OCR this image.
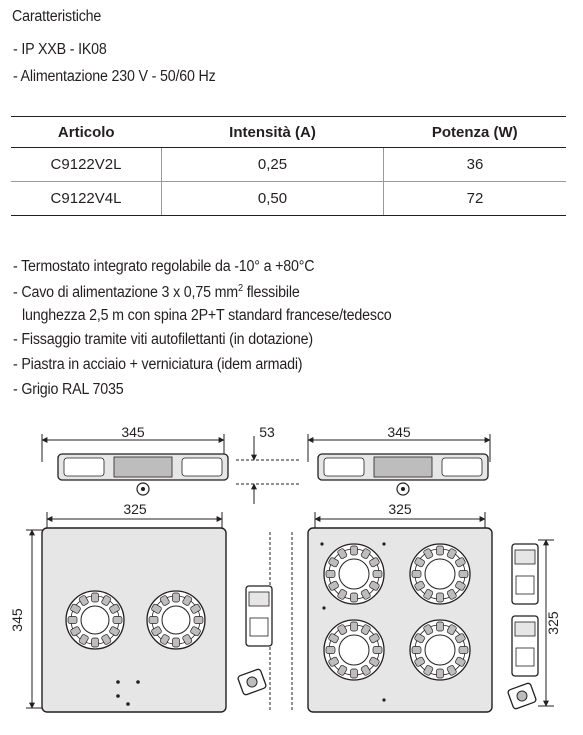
Caratteristiche
- IP XXB - IK08
- Alimentazione 230 V - 50/60 Hz
Articolo	Intensità (A)	Potenza (W)
C9122V2L	0,25	36
C9122V4L	0,50	72
- Termostato integrato regolabile da -10° a +80°C
- Cavo di alimentazione 3 x 0,75 $mm^2$ flessibile
lunghezza 2,5 m con spina 2P+T standard francese/tedesco
- Fissaggio tramite viti autofilettanti (in dotazione)
- Piastra in acciaio + verniciatura (idem armadi)
- Grigio RAL 7035
345	53	345
325	325
345	325
